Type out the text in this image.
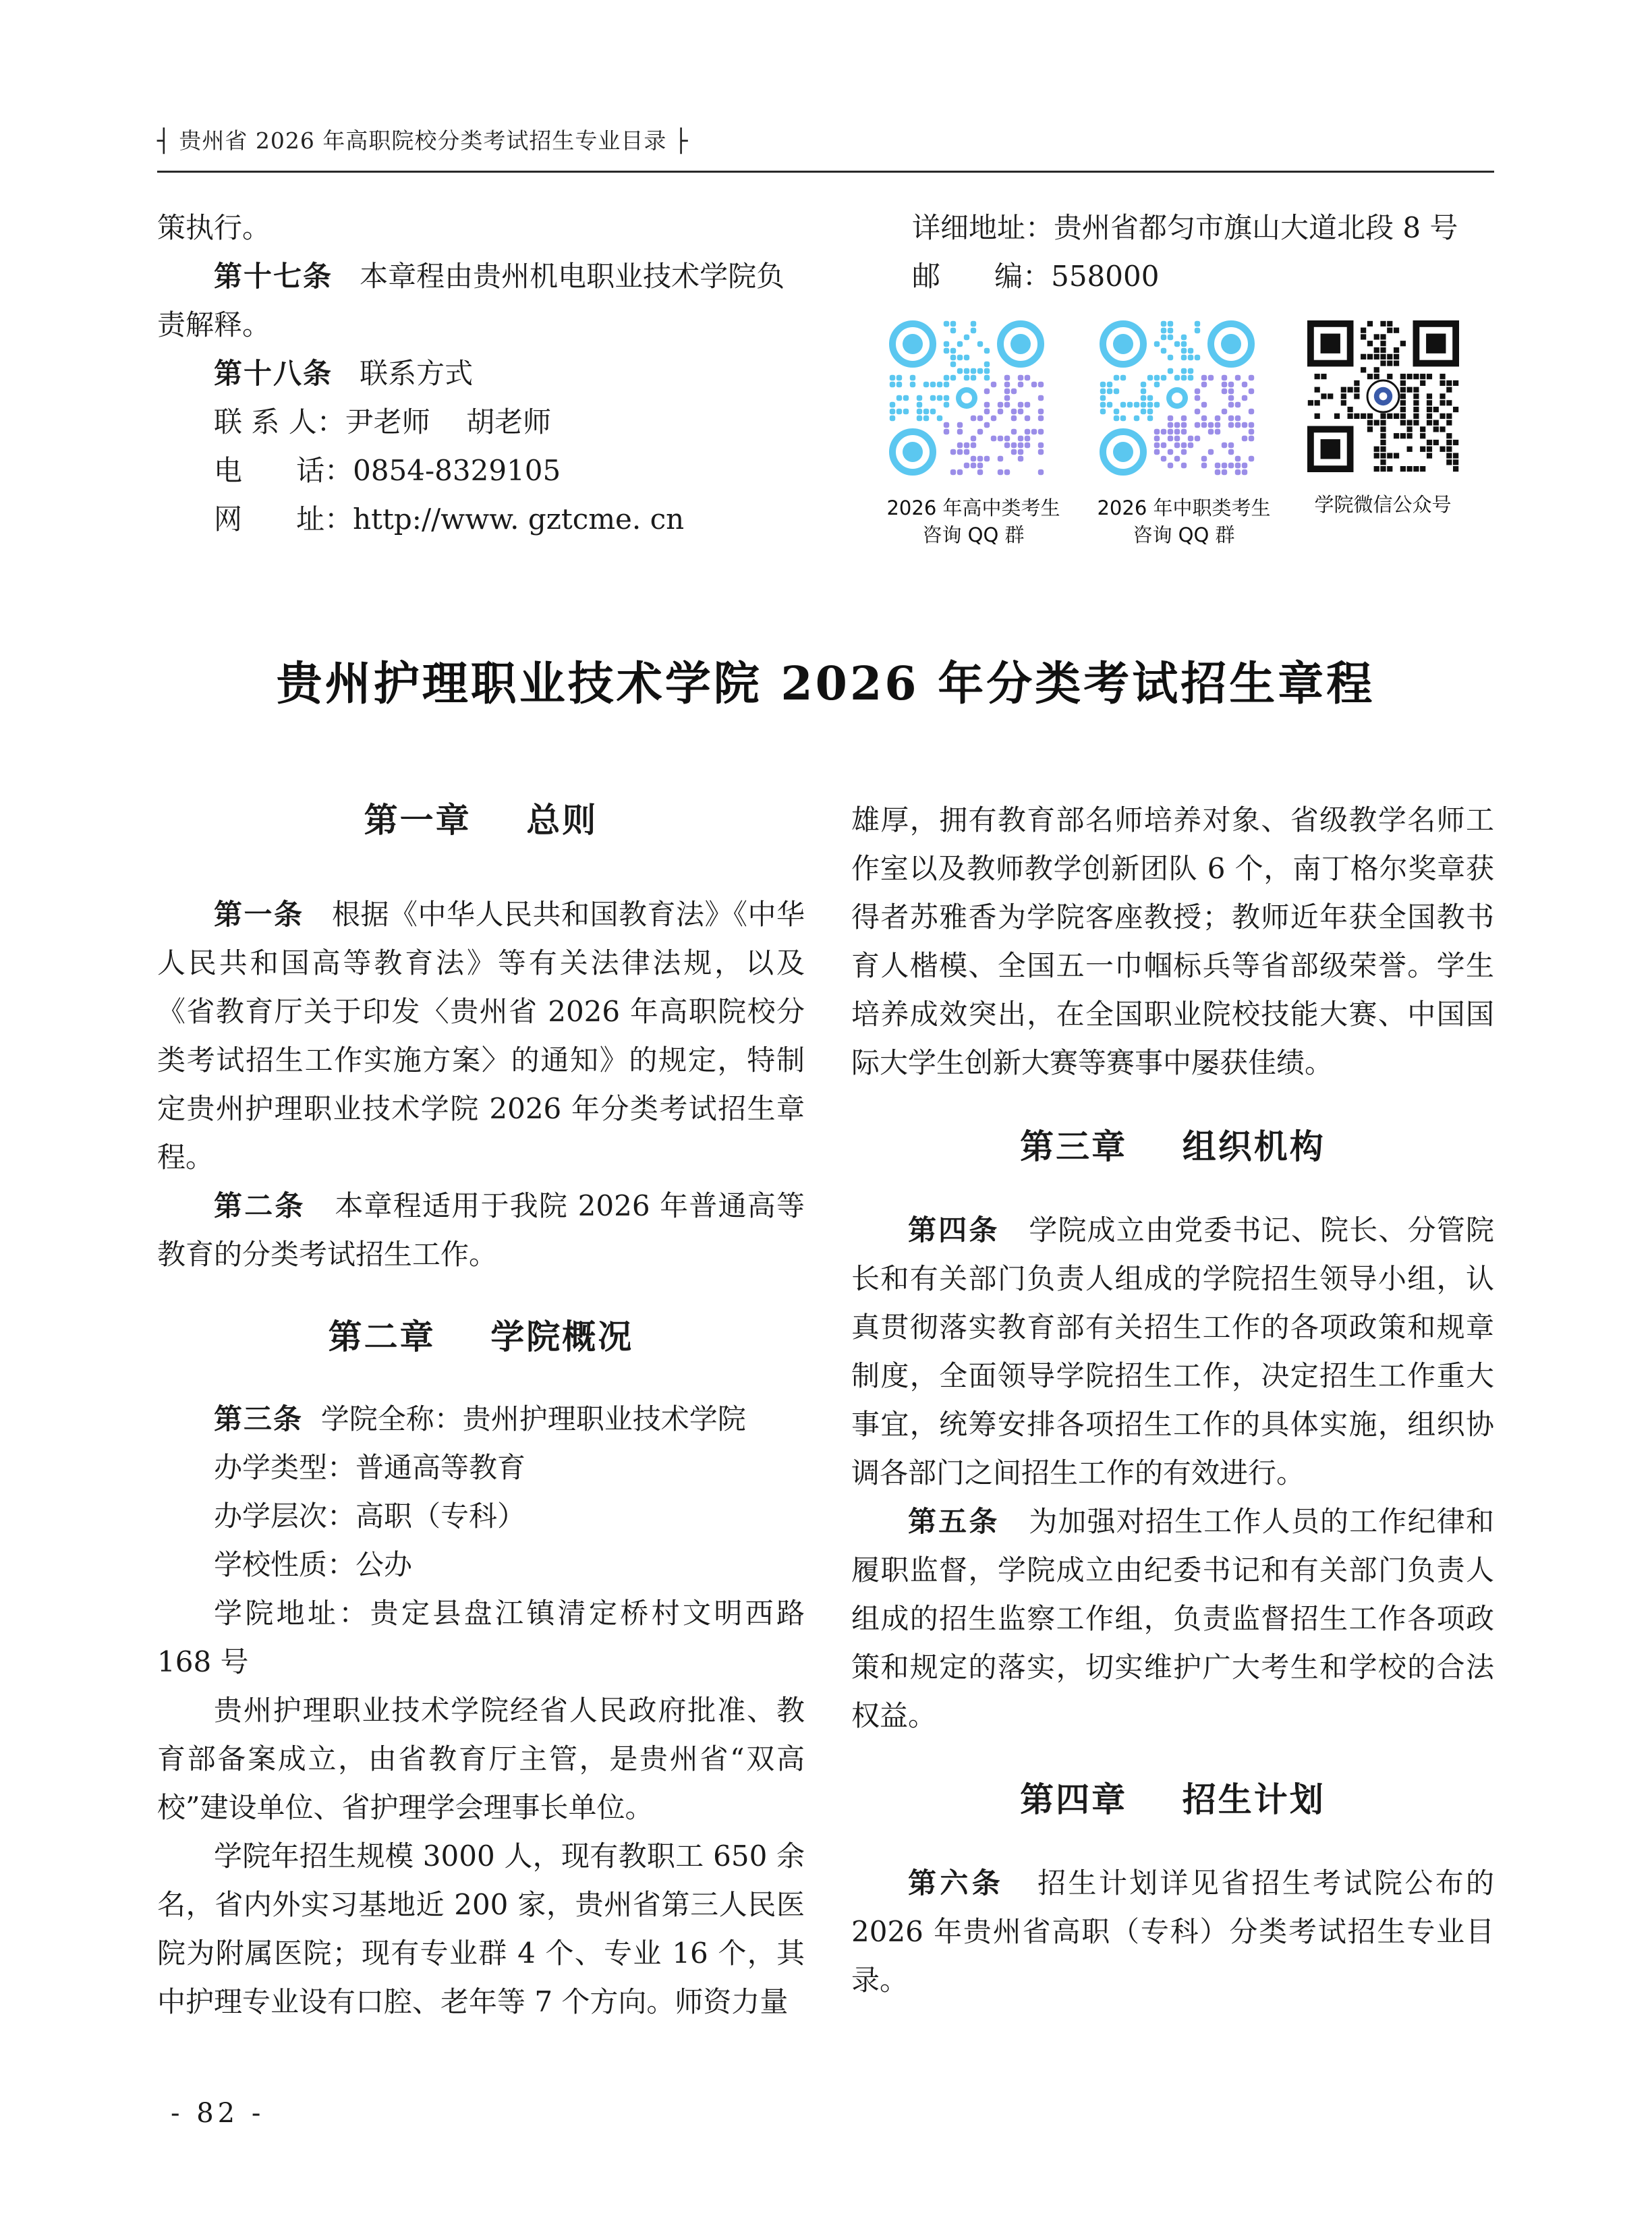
┤ 贵州省 2026 年高职院校分类考试招生专业目录 ├

策执行。

第十七条 本章程由贵州机电职业技术学院负

责解释。

第十八条 联系方式

联 系 人：尹老师    胡老师

电      话：0854-8329105

网      址：http://www. gztcme. cn

详细地址：贵州省都匀市旗山大道北段 8 号

邮      编：558000

2026 年高中类考生
咨询 QQ 群
2026 年中职类考生
咨询 QQ 群
学院微信公众号
贵州护理职业技术学院 2026 年分类考试招生章程
第一章    总则

第一条 根据《中华人民共和国教育法》《中华人民共和国高等教育法》等有关法律法规，以及《省教育厅关于印发〈贵州省 2026 年高职院校分类考试招生工作实施方案〉的通知》的规定，特制定贵州护理职业技术学院 2026 年分类考试招生章程。

第二条 本章程适用于我院 2026 年普通高等教育的分类考试招生工作。

第二章    学院概况

第三条 学院全称：贵州护理职业技术学院

办学类型：普通高等教育

办学层次：高职（专科）

学校性质：公办

学院地址：贵定县盘江镇清定桥村文明西路 168 号

贵州护理职业技术学院经省人民政府批准、教育部备案成立，由省教育厅主管，是贵州省“双高校”建设单位、省护理学会理事长单位。

学院年招生规模 3000 人，现有教职工 650 余名，省内外实习基地近 200 家，贵州省第三人民医院为附属医院；现有专业群 4 个、专业 16 个，其中护理专业设有口腔、老年等 7 个方向。师资力量

雄厚，拥有教育部名师培养对象、省级教学名师工作室以及教师教学创新团队 6 个，南丁格尔奖章获得者苏雅香为学院客座教授；教师近年获全国教书育人楷模、全国五一巾帼标兵等省部级荣誉。学生培养成效突出，在全国职业院校技能大赛、中国国际大学生创新大赛等赛事中屡获佳绩。

第三章    组织机构

第四条 学院成立由党委书记、院长、分管院长和有关部门负责人组成的学院招生领导小组，认真贯彻落实教育部有关招生工作的各项政策和规章制度，全面领导学院招生工作，决定招生工作重大事宜，统筹安排各项招生工作的具体实施，组织协调各部门之间招生工作的有效进行。

第五条 为加强对招生工作人员的工作纪律和履职监督，学院成立由纪委书记和有关部门负责人组成的招生监察工作组，负责监督招生工作各项政策和规定的落实，切实维护广大考生和学校的合法权益。

第四章    招生计划

第六条 招生计划详见省招生考试院公布的 2026 年贵州省高职（专科）分类考试招生专业目录。

- 82 -
